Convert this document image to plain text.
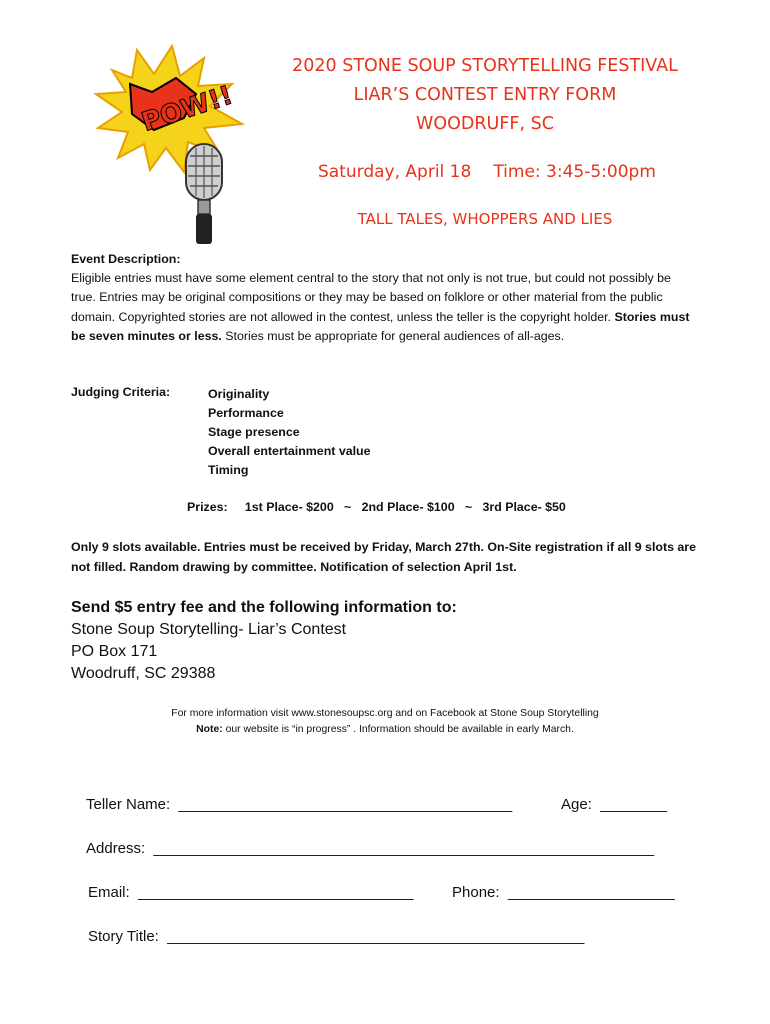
POW!!
2020 STONE SOUP STORYTELLING FESTIVAL
LIAR’S CONTEST ENTRY FORM
WOODRUFF, SC
Saturday, April 18 Time: 3:45-5:00pm
TALL TALES, WHOPPERS AND LIES
Event Description:
Eligible entries must have some element central to the story that not only is not true, but could not possibly be true. Entries may be original compositions or they may be based on folklore or other material from the public domain. Copyrighted stories are not allowed in the contest, unless the teller is the copyright holder. Stories must be seven minutes or less. Stories must be appropriate for general audiences of all-ages.
Judging Criteria:	Originality
Performance
Stage presence
Overall entertainment value
Timing
Prizes:     1st Place- $200   ~   2nd Place- $100   ~   3rd Place- $50
Only 9 slots available. Entries must be received by Friday, March 27th. On-Site registration if all 9 slots are not filled. Random drawing by committee. Notification of selection April 1st.
Send $5 entry fee and the following information to:
Stone Soup Storytelling- Liar’s Contest
PO Box 171
Woodruff, SC 29388
For more information visit www.stonesoupsc.org and on Facebook at Stone Soup Storytelling
Note: our website is “in progress” . Information should be available in early March.
Teller Name:  ________________________________________	Age:  ________
Address:  ____________________________________________________________
Email:  _________________________________	Phone:  ____________________
Story Title:  __________________________________________________
